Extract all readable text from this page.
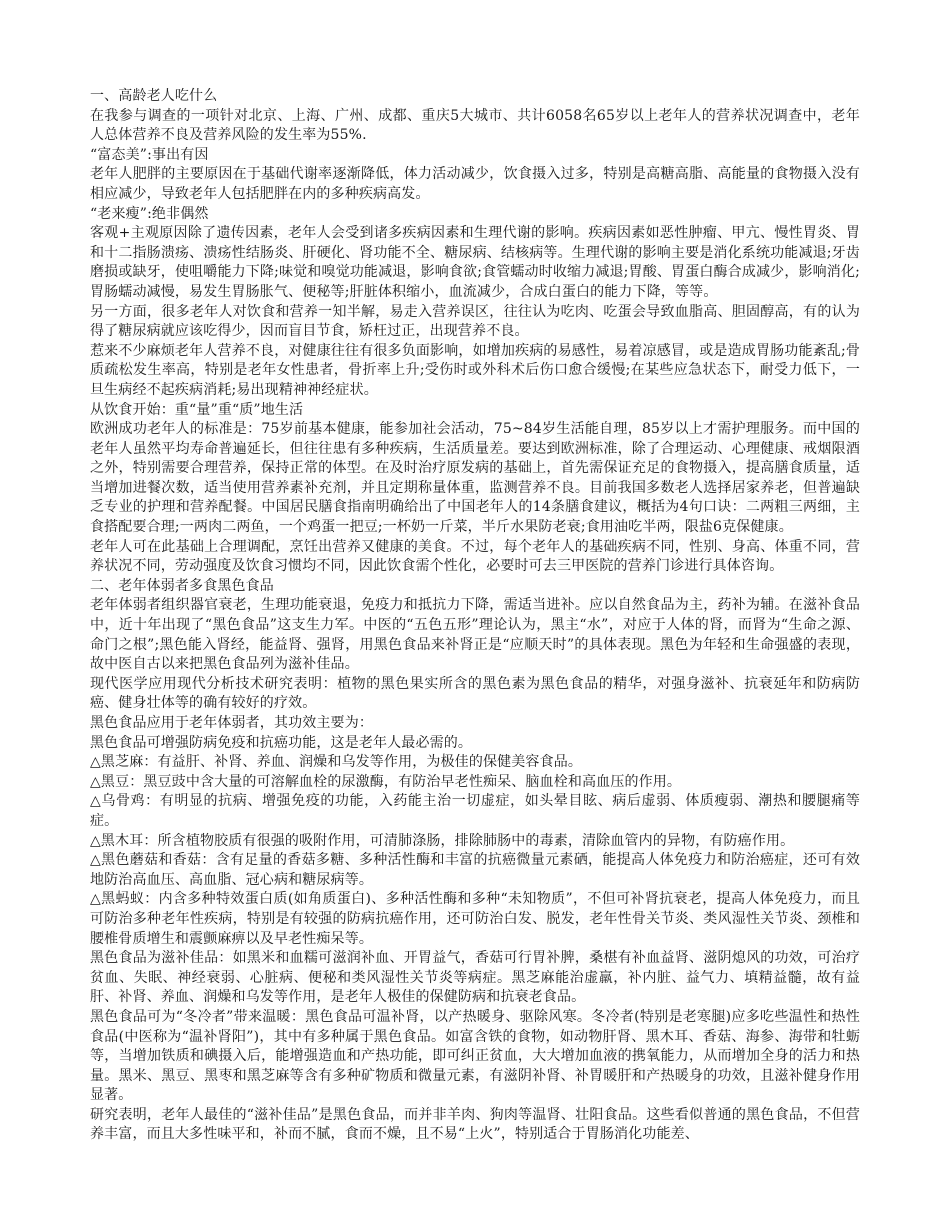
一、高龄老人吃什么

在我参与调查的一项针对北京、上海、广州、成都、重庆5大城市、共计6058名65岁以上老年人的营养状况调查中，老年人总体营养不良及营养风险的发生率为55%.

“富态美”:事出有因

老年人肥胖的主要原因在于基础代谢率逐渐降低，体力活动减少，饮食摄入过多，特别是高糖高脂、高能量的食物摄入没有相应减少，导致老年人包括肥胖在内的多种疾病高发。

“老来瘦”:绝非偶然

客观+主观原因除了遗传因素，老年人会受到诸多疾病因素和生理代谢的影响。疾病因素如恶性肿瘤、甲亢、慢性胃炎、胃和十二指肠溃疡、溃疡性结肠炎、肝硬化、肾功能不全、糖尿病、结核病等。生理代谢的影响主要是消化系统功能减退;牙齿磨损或缺牙，使咀嚼能力下降;味觉和嗅觉功能减退，影响食欲;食管蠕动时收缩力减退;胃酸、胃蛋白酶合成减少，影响消化;胃肠蠕动减慢，易发生胃肠胀气、便秘等;肝脏体积缩小，血流减少，合成白蛋白的能力下降，等等。

另一方面，很多老年人对饮食和营养一知半解，易走入营养误区，往往认为吃肉、吃蛋会导致血脂高、胆固醇高，有的认为得了糖尿病就应该吃得少，因而盲目节食，矫枉过正，出现营养不良。

惹来不少麻烦老年人营养不良，对健康往往有很多负面影响，如增加疾病的易感性，易着凉感冒，或是造成胃肠功能紊乱;骨质疏松发生率高，特别是老年女性患者，骨折率上升;受伤时或外科术后伤口愈合缓慢;在某些应急状态下，耐受力低下，一旦生病经不起疾病消耗;易出现精神神经症状。

从饮食开始：重“量”重“质”地生活

欧洲成功老年人的标准是：75岁前基本健康，能参加社会活动，75~84岁生活能自理，85岁以上才需护理服务。而中国的老年人虽然平均寿命普遍延长，但往往患有多种疾病，生活质量差。要达到欧洲标准，除了合理运动、心理健康、戒烟限酒之外，特别需要合理营养，保持正常的体型。在及时治疗原发病的基础上，首先需保证充足的食物摄入，提高膳食质量，适当增加进餐次数，适当使用营养素补充剂，并且定期称量体重，监测营养不良。目前我国多数老人选择居家养老，但普遍缺乏专业的护理和营养配餐。中国居民膳食指南明确给出了中国老年人的14条膳食建议，概括为4句口诀：二两粗三两细，主食搭配要合理;一两肉二两鱼，一个鸡蛋一把豆;一杯奶一斤菜，半斤水果防老衰;食用油吃半两，限盐6克保健康。

老年人可在此基础上合理调配，烹饪出营养又健康的美食。不过，每个老年人的基础疾病不同，性别、身高、体重不同，营养状况不同，劳动强度及饮食习惯均不同，因此饮食需个性化，必要时可去三甲医院的营养门诊进行具体咨询。

二、老年体弱者多食黑色食品

老年体弱者组织器官衰老，生理功能衰退，免疫力和抵抗力下降，需适当进补。应以自然食品为主，药补为辅。在滋补食品中，近十年出现了“黑色食品”这支生力军。中医的“五色五形”理论认为，黑主“水”，对应于人体的肾，而肾为“生命之源、命门之根”;黑色能入肾经，能益肾、强肾，用黑色食品来补肾正是“应顺天时”的具体表现。黑色为年轻和生命强盛的表现，故中医自古以来把黑色食品列为滋补佳品。

现代医学应用现代分析技术研究表明：植物的黑色果实所含的黑色素为黑色食品的精华，对强身滋补、抗衰延年和防病防癌、健身壮体等的确有较好的疗效。

黑色食品应用于老年体弱者，其功效主要为：

黑色食品可增强防病免疫和抗癌功能，这是老年人最必需的。

△黑芝麻：有益肝、补肾、养血、润燥和乌发等作用，为极佳的保健美容食品。

△黑豆：黑豆豉中含大量的可溶解血栓的尿激酶，有防治早老性痴呆、脑血栓和高血压的作用。

△乌骨鸡：有明显的抗病、增强免疫的功能，入药能主治一切虚症，如头晕目眩、病后虚弱、体质瘦弱、潮热和腰腿痛等症。

△黑木耳：所含植物胶质有很强的吸附作用，可清肺涤肠，排除肺肠中的毒素，清除血管内的异物，有防癌作用。

△黑色蘑菇和香菇：含有足量的香菇多糖、多种活性酶和丰富的抗癌微量元素硒，能提高人体免疫力和防治癌症，还可有效地防治高血压、高血脂、冠心病和糖尿病等。

△黑蚂蚁：内含多种特效蛋白质(如角质蛋白)、多种活性酶和多种“未知物质”，不但可补肾抗衰老，提高人体免疫力，而且可防治多种老年性疾病，特别是有较强的防病抗癌作用，还可防治白发、脱发，老年性骨关节炎、类风湿性关节炎、颈椎和腰椎骨质增生和震颤麻痹以及早老性痴呆等。

黑色食品为滋补佳品：如黑米和血糯可滋润补血、开胃益气，香菇可行胃补脾，桑椹有补血益肾、滋阴熄风的功效，可治疗贫血、失眠、神经衰弱、心脏病、便秘和类风湿性关节炎等病症。黑芝麻能治虚羸，补内脏、益气力、填精益髓，故有益肝、补肾、养血、润燥和乌发等作用，是老年人极佳的保健防病和抗衰老食品。

黑色食品可为“冬冷者”带来温暖：黑色食品可温补肾，以产热暖身、驱除风寒。冬冷者(特别是老寒腿)应多吃些温性和热性食品(中医称为“温补肾阳”)，其中有多种属于黑色食品。如富含铁的食物，如动物肝肾、黑木耳、香菇、海参、海带和牡蛎等，当增加铁质和碘摄入后，能增强造血和产热功能，即可纠正贫血，大大增加血液的携氧能力，从而增加全身的活力和热量。黑米、黑豆、黑枣和黑芝麻等含有多种矿物质和微量元素，有滋阴补肾、补胃暖肝和产热暖身的功效，且滋补健身作用显著。

研究表明，老年人最佳的“滋补佳品”是黑色食品，而并非羊肉、狗肉等温肾、壮阳食品。这些看似普通的黑色食品，不但营养丰富，而且大多性味平和，补而不腻，食而不燥，且不易“上火”，特别适合于胃肠消化功能差、
